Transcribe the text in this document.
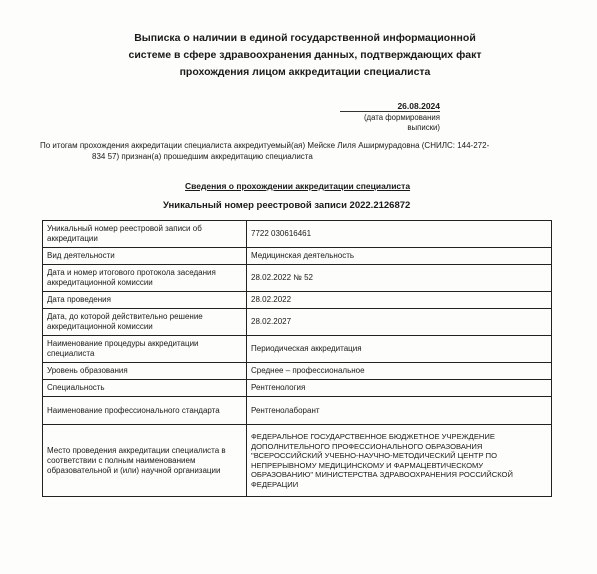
Выписка о наличии в единой государственной информационной
системе в сфере здравоохранения данных, подтверждающих факт
прохождения лицом аккредитации специалиста
26.08.2024
(дата формирования выписки)
По итогам прохождения аккредитации специалиста аккредитуемый(ая) Мейске Лиля Аширмурадовна (СНИЛС: 144-272-
834 57) признан(а) прошедшим аккредитацию специалиста
Сведения о прохождении аккредитации специалиста
Уникальный номер реестровой записи 2022.2126872
Уникальный номер реестровой записи об аккредитации	7722 030616461
Вид деятельности	Медицинская деятельность
Дата и номер итогового протокола заседания аккредитационной комиссии	28.02.2022 № 52
Дата проведения	28.02.2022
Дата, до которой действительно решение аккредитационной комиссии	28.02.2027
Наименование процедуры аккредитации специалиста	Периодическая аккредитация
Уровень образования	Среднее – профессиональное
Специальность	Рентгенология
Наименование профессионального стандарта	Рентгенолаборант
Место проведения аккредитации специалиста в соответствии с полным наименованием образовательной и (или) научной организации	ФЕДЕРАЛЬНОЕ ГОСУДАРСТВЕННОЕ БЮДЖЕТНОЕ УЧРЕЖДЕНИЕ ДОПОЛНИТЕЛЬНОГО ПРОФЕССИОНАЛЬНОГО ОБРАЗОВАНИЯ "ВСЕРОССИЙСКИЙ УЧЕБНО-НАУЧНО-МЕТОДИЧЕСКИЙ ЦЕНТР ПО НЕПРЕРЫВНОМУ МЕДИЦИНСКОМУ И ФАРМАЦЕВТИЧЕСКОМУ ОБРАЗОВАНИЮ" МИНИСТЕРСТВА ЗДРАВООХРАНЕНИЯ РОССИЙСКОЙ ФЕДЕРАЦИИ
